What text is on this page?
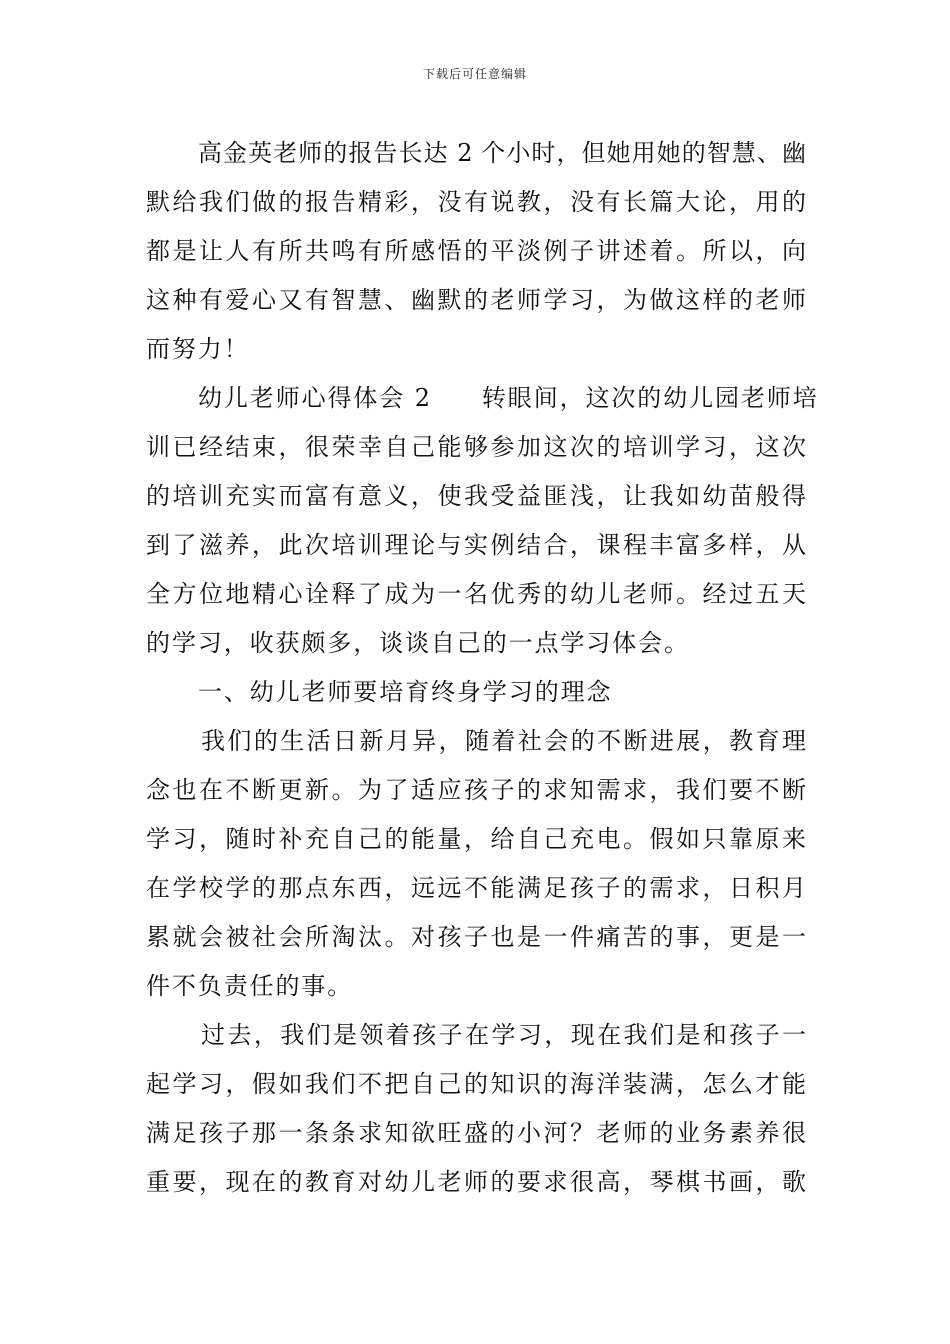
下载后可任意编辑
高金英老师的报告长达 2 个小时，但她用她的智慧、幽
默给我们做的报告精彩，没有说教，没有长篇大论，用的
都是让人有所共鸣有所感悟的平淡例子讲述着。所以，向
这种有爱心又有智慧、幽默的老师学习，为做这样的老师
而努力！
幼儿老师心得体会 2 转眼间，这次的幼儿园老师培
训已经结束，很荣幸自己能够参加这次的培训学习，这次
的培训充实而富有意义，使我受益匪浅，让我如幼苗般得
到了滋养，此次培训理论与实例结合，课程丰富多样，从
全方位地精心诠释了成为一名优秀的幼儿老师。经过五天
的学习，收获颇多，谈谈自己的一点学习体会。
一、幼儿老师要培育终身学习的理念
我们的生活日新月异，随着社会的不断进展，教育理
念也在不断更新。为了适应孩子的求知需求，我们要不断
学习，随时补充自己的能量，给自己充电。假如只靠原来
在学校学的那点东西，远远不能满足孩子的需求，日积月
累就会被社会所淘汰。对孩子也是一件痛苦的事，更是一
件不负责任的事。
过去，我们是领着孩子在学习，现在我们是和孩子一
起学习，假如我们不把自己的知识的海洋装满，怎么才能
满足孩子那一条条求知欲旺盛的小河？老师的业务素养很
重要，现在的教育对幼儿老师的要求很高，琴棋书画，歌
